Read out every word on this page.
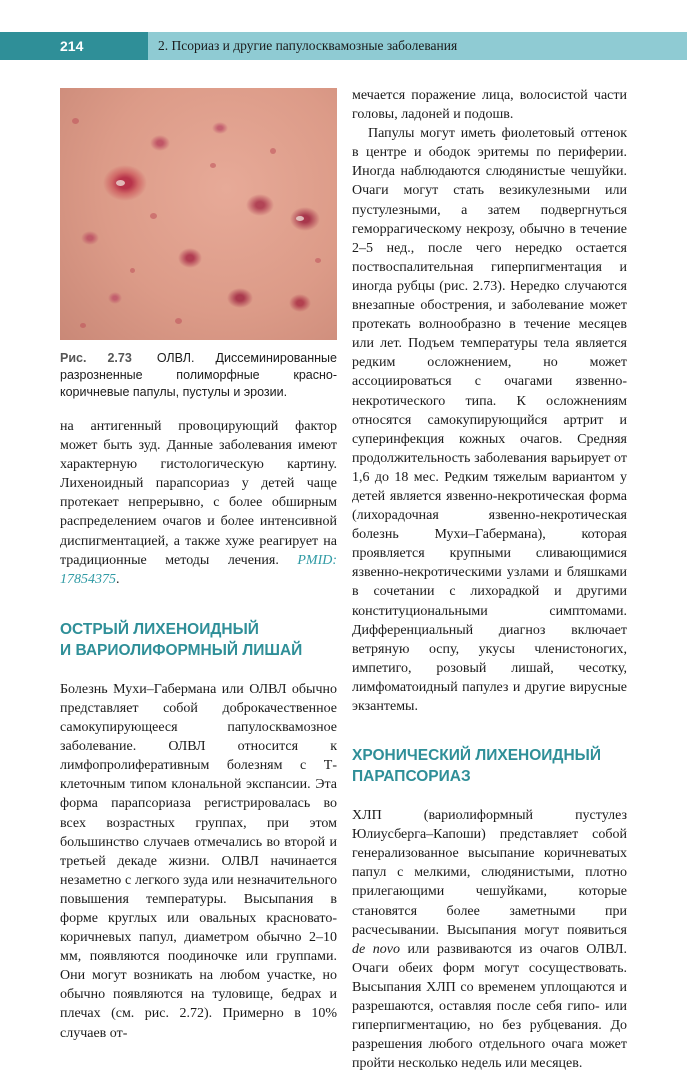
214	2. Псориаз и другие папулосквамозные заболевания

Рис. 2.73 ОЛВЛ. Диссеминированные разрозненные полиморфные красно-коричневые папулы, пустулы и эрозии.

на антигенный провоцирующий фактор может быть зуд. Данные заболевания имеют характерную гистологическую картину. Лихеноидный парапсориаз у детей чаще протекает непрерывно, с более обширным распределением очагов и более интенсивной диспигментацией, а также хуже реагирует на традиционные методы лечения. PMID: 17854375.

ОСТРЫЙ ЛИХЕНОИДНЫЙ
И ВАРИОЛИФОРМНЫЙ ЛИШАЙ

Болезнь Мухи–Габермана или ОЛВЛ обычно представляет собой доброкачественное самокупирующееся папулосквамозное заболевание. ОЛВЛ относится к лимфопролиферативным болезням с Т-клеточным типом клональной экспансии. Эта форма парапсориаза регистрировалась во всех возрастных группах, при этом большинство случаев отмечались во второй и третьей декаде жизни. ОЛВЛ начинается незаметно с легкого зуда или незначительного повышения температуры. Высыпания в форме круглых или овальных красновато-коричневых папул, диаметром обычно 2–10 мм, появляются поодиночке или группами. Они могут возникать на любом участке, но обычно появляются на туловище, бедрах и плечах (см. рис. 2.72). Примерно в 10% случаев от-

мечается поражение лица, волосистой части головы, ладоней и подошв.

Папулы могут иметь фиолетовый оттенок в центре и ободок эритемы по периферии. Иногда наблюдаются слюдянистые чешуйки. Очаги могут стать везикулезными или пустулезными, а затем подвергнуться геморрагическому некрозу, обычно в течение 2–5 нед., после чего нередко остается поствоспалительная гиперпигментация и иногда рубцы (рис. 2.73). Нередко случаются внезапные обострения, и заболевание может протекать волнообразно в течение месяцев или лет. Подъем температуры тела является редким осложнением, но может ассоциироваться с очагами язвенно-некротического типа. К осложнениям относятся самокупирующийся артрит и суперинфекция кожных очагов. Средняя продолжительность заболевания варьирует от 1,6 до 18 мес. Редким тяжелым вариантом у детей является язвенно-некротическая форма (лихорадочная язвенно-некротическая болезнь Мухи–Габермана), которая проявляется крупными сливающимися язвенно-некротическими узлами и бляшками в сочетании с лихорадкой и другими конституциональными симптомами. Дифференциальный диагноз включает ветряную оспу, укусы членистоногих, импетиго, розовый лишай, чесотку, лимфоматоидный папулез и другие вирусные экзантемы.

ХРОНИЧЕСКИЙ ЛИХЕНОИДНЫЙ
ПАРАПСОРИАЗ

ХЛП (вариолиформный пустулез Юлиусберга–Капоши) представляет собой генерализованное высыпание коричневатых папул с мелкими, слюдянистыми, плотно прилегающими чешуйками, которые становятся более заметными при расчесывании. Высыпания могут появиться de novo или развиваются из очагов ОЛВЛ. Очаги обеих форм могут сосуществовать. Высыпания ХЛП со временем уплощаются и разрешаются, оставляя после себя гипо- или гиперпигментацию, но без рубцевания. До разрешения любого отдельного очага может пройти несколько недель или месяцев.
